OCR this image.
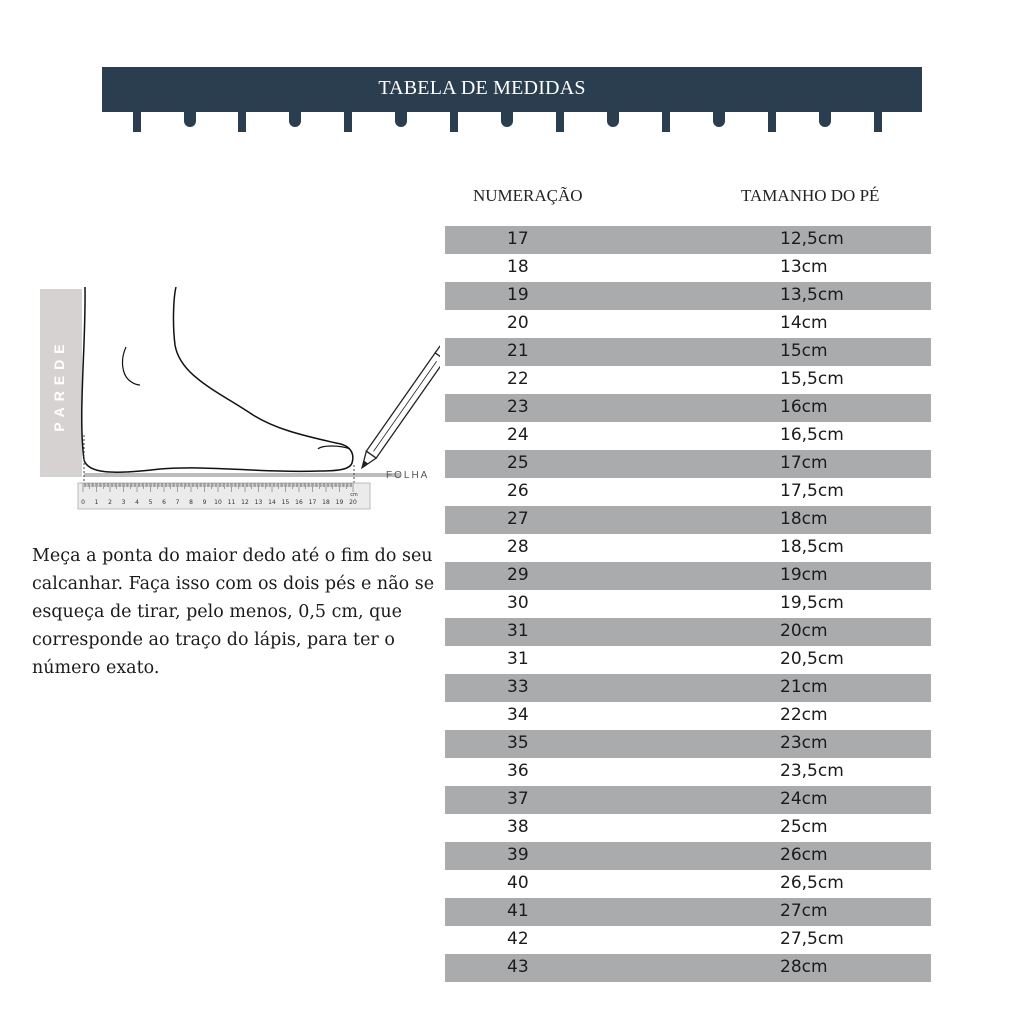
TABELA DE MEDIDAS
NUMERAÇÃO	TAMANHO DO PÉ
17	12,5cm
18	13cm
19	13,5cm
20	14cm
21	15cm
22	15,5cm
23	16cm
24	16,5cm
25	17cm
26	17,5cm
27	18cm
28	18,5cm
29	19cm
30	19,5cm
31	20cm
31	20,5cm
33	21cm
34	22cm
35	23cm
36	23,5cm
37	24cm
38	25cm
39	26cm
40	26,5cm
41	27cm
42	27,5cm
43	28cm
PAREDE
FOLHA
0 1 2 3 4 5 6 7 8 9 10 11 12 13 14 15 16 17 18 19 20
cm
Meça a ponta do maior dedo até o fim do seu calcanhar. Faça isso com os dois pés e não se esqueça de tirar, pelo menos, 0,5 cm, que corresponde ao traço do lápis, para ter o número exato.
